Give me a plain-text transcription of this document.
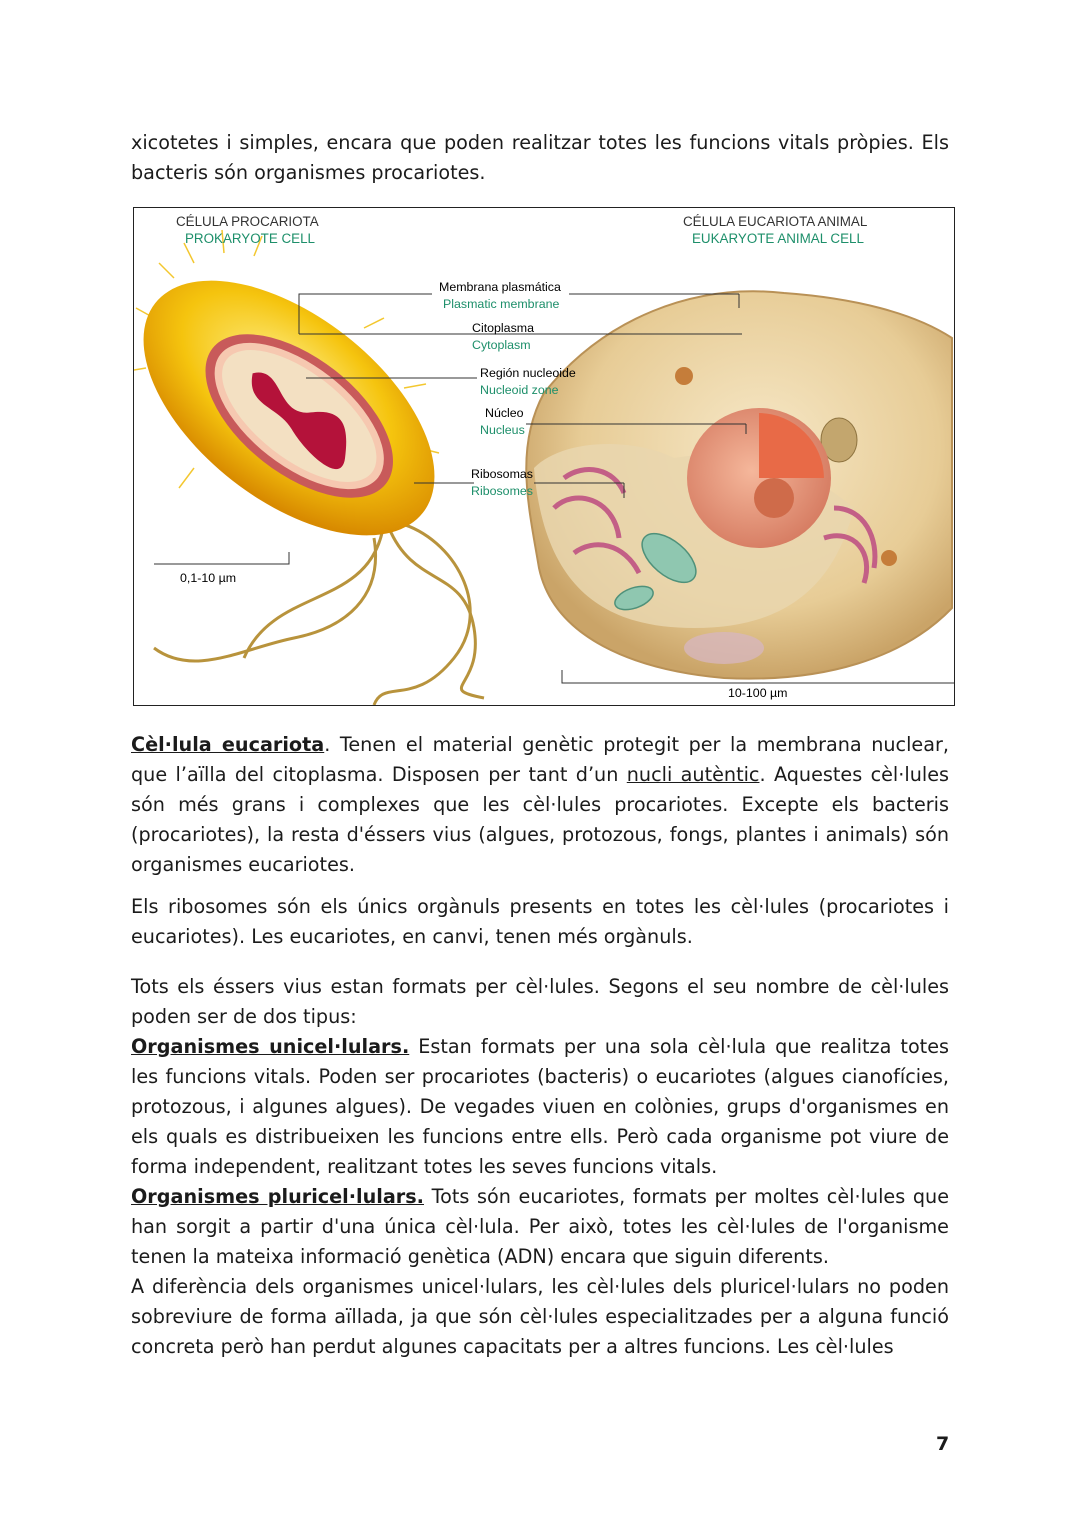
xicotetes i simples, encara que poden realitzar totes les funcions vitals pròpies. Els bacteris són organismes procariotes.

CÉLULA PROCARIOTA
PROKARYOTE CELL
CÉLULA EUCARIOTA ANIMAL
EUKARYOTE ANIMAL CELL
Membrana plasmática
Plasmatic membrane
Citoplasma
Cytoplasm
Región nucleoide
Nucleoid zone
Núcleo
Nucleus
Ribosomas
Ribosomes
0,1-10 µm
10-100 µm

Cèl·lula eucariota. Tenen el material genètic protegit per la membrana nuclear, que l’aïlla del citoplasma. Disposen per tant d’un nucli autèntic. Aquestes cèl·lules són més grans i complexes que les cèl·lules procariotes. Excepte els bacteris (procariotes), la resta d'éssers vius (algues, protozous, fongs, plantes i animals) són organismes eucariotes.

Els ribosomes són els únics orgànuls presents en totes les cèl·lules (procariotes i eucariotes). Les eucariotes, en canvi, tenen més orgànuls.

Tots els éssers vius estan formats per cèl·lules. Segons el seu nombre de cèl·lules poden ser de dos tipus:

Organismes unicel·lulars. Estan formats per una sola cèl·lula que realitza totes les funcions vitals. Poden ser procariotes (bacteris) o eucariotes (algues cianofícies, protozous, i algunes algues). De vegades viuen en colònies, grups d'organismes en els quals es distribueixen les funcions entre ells. Però cada organisme pot viure de forma independent, realitzant totes les seves funcions vitals.

Organismes pluricel·lulars. Tots són eucariotes, formats per moltes cèl·lules que han sorgit a partir d'una única cèl·lula. Per això, totes les cèl·lules de l'organisme tenen la mateixa informació genètica (ADN) encara que siguin diferents.

A diferència dels organismes unicel·lulars, les cèl·lules dels pluricel·lulars no poden sobreviure de forma aïllada, ja que són cèl·lules especialitzades per a alguna funció concreta però han perdut algunes capacitats per a altres funcions. Les cèl·lules

7
